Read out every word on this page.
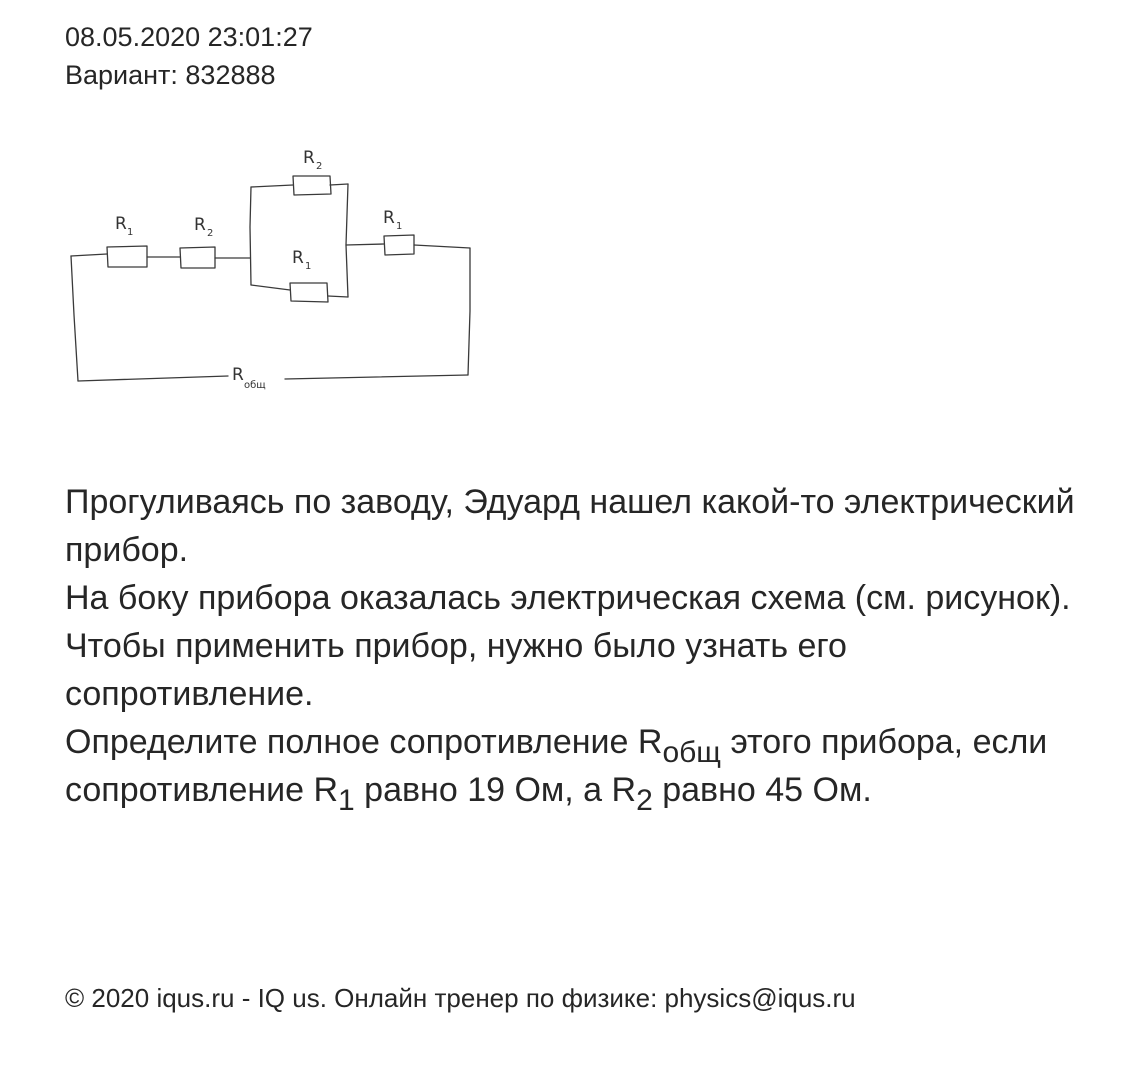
08.05.2020 23:01:27
Вариант: 832888
R 1	R 2
R 2
R 1
R 1
R
общ

Прогуливаясь по заводу, Эдуард нашел какой-то электрический прибор.

На боку прибора оказалась электрическая схема (см. рисунок). Чтобы применить прибор, нужно было узнать его сопротивление.

Определите полное сопротивление $R_{общ}$ этого прибора, если сопротивление $R_1$ равно 19 Ом, а $R_2$ равно 45 Ом.

© 2020 iqus.ru - IQ us. Онлайн тренер по физике: physics@iqus.ru
